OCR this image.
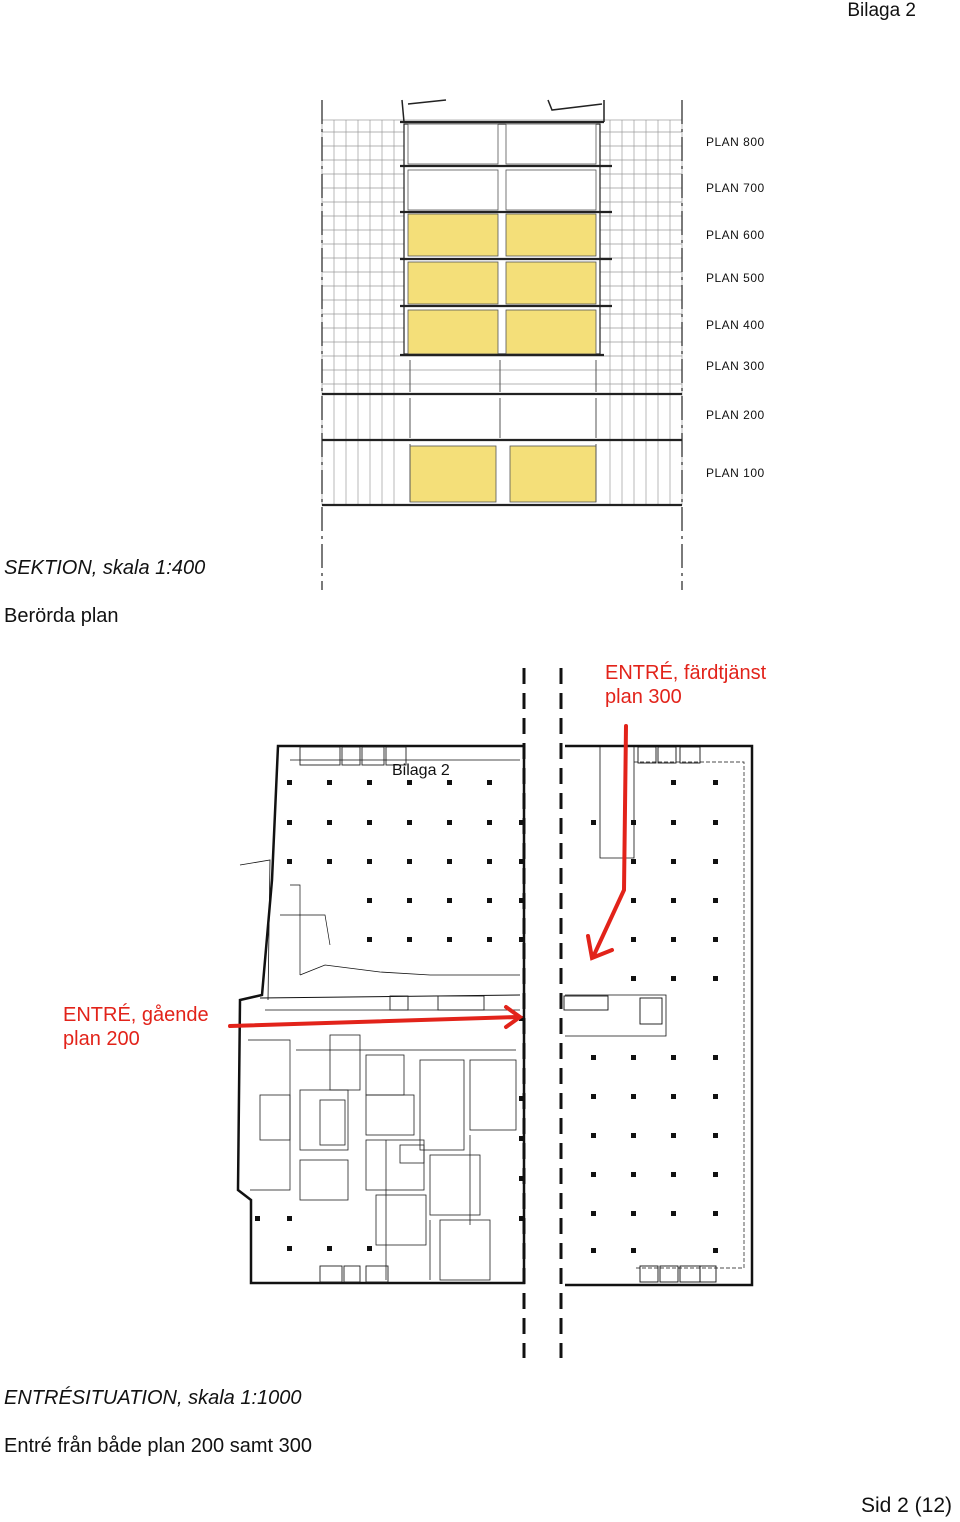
Bilaga 2
PLAN 800
PLAN 700
PLAN 600
PLAN 500
PLAN 400
PLAN 300
PLAN 200
PLAN 100
SEKTION, skala 1:400
Berörda plan
Bilaga 2
ENTRÉ, färdtjänst
plan 300
ENTRÉ, gående
plan 200
ENTRÉSITUATION, skala 1:1000
Entré från både plan 200 samt 300
Sid 2 (12)
